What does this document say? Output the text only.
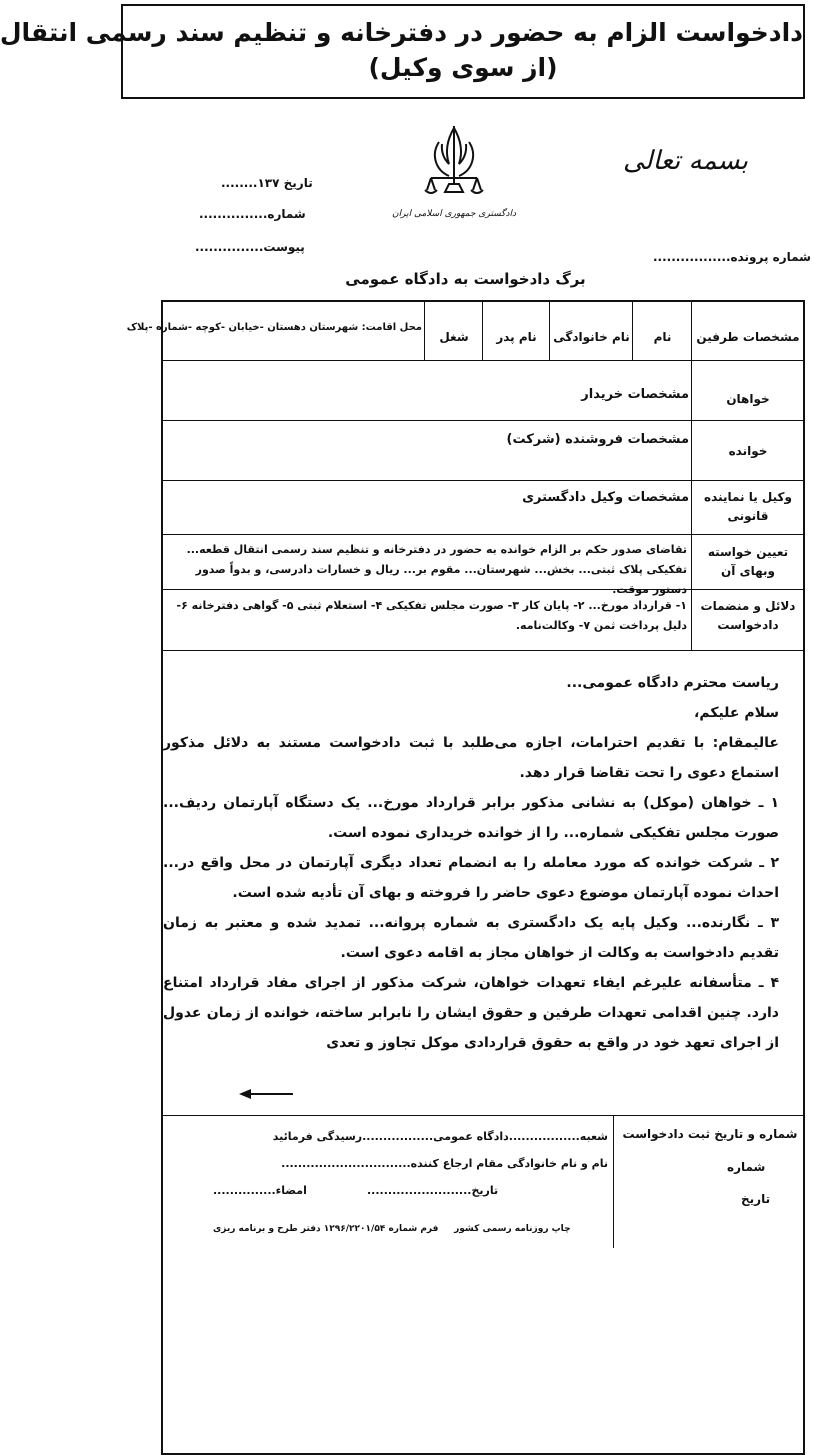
دادخواست الزام به حضور در دفترخانه و تنظیم سند رسمی انتقال
(از سوی وکیل)
بسمه تعالی
دادگستری جمهوری اسلامی ایران
تاریخ ۱۳۷........
شماره...............
پیوست...............
شماره پرونده.................
برگ دادخواست به دادگاه عمومی
مشخصات طرفین
نام
نام خانوادگی
نام پدر
شغل
محل اقامت: شهرستان دهستان -خیابان -کوچه -شماره -پلاک
خواهان
مشخصات خریدار
خوانده
مشخصات فروشنده (شرکت)
وکیل یا نماینده قانونی
مشخصات وکیل دادگستری
تعیین خواسته وبهای آن
تقاضای صدور حکم بر الزام خوانده به حضور در دفترخانه و تنظیم سند رسمی انتقال قطعه... تفکیکی پلاک ثبتی... بخش... شهرستان... مقوم بر... ریال و خسارات دادرسی، و بدواً صدور دستور موقت.
دلائل و منضمات دادخواست
۱- قرارداد مورخ... ۲- پایان کار ۳- صورت مجلس تفکیکی ۴- استعلام ثبتی ۵- گواهی دفترخانه ۶- دلیل پرداخت ثمن ۷- وکالت‌نامه.

ریاست محترم دادگاه عمومی...

سلام علیکم،

عالیمقام: با تقدیم احترامات، اجازه می‌طلبد با ثبت دادخواست مستند به دلائل مذکور استماع دعوی را تحت تقاضا قرار دهد.

۱ ـ خواهان (موکل) به نشانی مذکور برابر قرارداد مورخ... یک دستگاه آپارتمان ردیف... صورت مجلس تفکیکی شماره... را از خوانده خریداری نموده است.

۲ ـ شرکت خوانده که مورد معامله را به انضمام تعداد دیگری آپارتمان در محل واقع در... احداث نموده آپارتمان موضوع دعوی حاضر را فروخته و بهای آن تأدیه شده است.

۳ ـ نگارنده... وکیل پایه یک دادگستری به شماره پروانه... تمدید شده و معتبر به زمان تقدیم دادخواست به وکالت از خواهان مجاز به اقامه دعوی است.

۴ ـ متأسفانه علیرغم ایفاء تعهدات خواهان، شرکت مذکور از اجرای مفاد قرارداد امتناع دارد. چنین اقدامی تعهدات طرفین و حقوق ایشان را نابرابر ساخته، خوانده از زمان عدول از اجرای تعهد خود در واقع به حقوق قراردادی موکل تجاوز و تعدی

شماره و تاریخ ثبت دادخواست
شماره
تاریخ
شعبه.................دادگاه عمومی.................رسیدگی فرمائید
نام و نام خانوادگی مقام ارجاع کننده...............................
تاریخ.........................
امضاء...............
چاپ روزنامه رسمی کشور     فرم شماره ۱۲۹۶/۲۲۰۱/۵۴ دفتر طرح و برنامه ریزی
